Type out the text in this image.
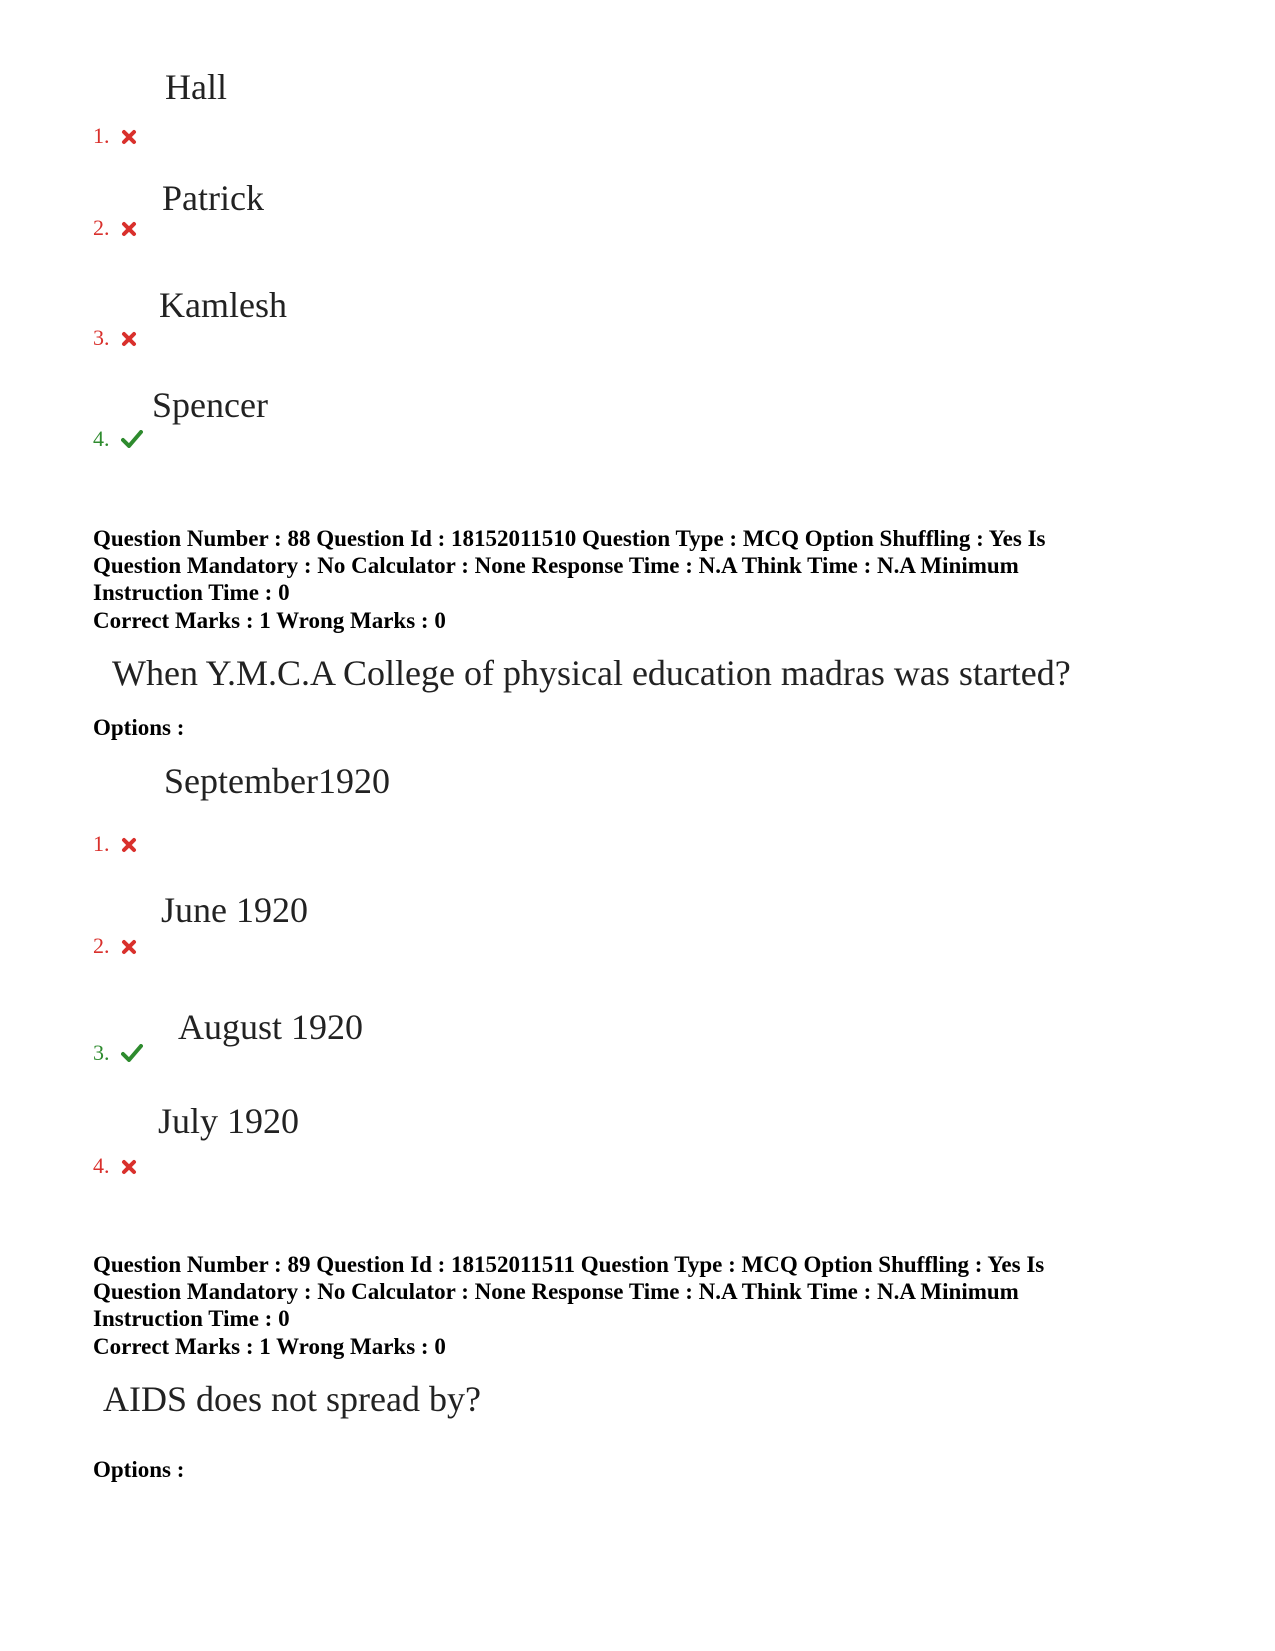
Hall
1.
Patrick
2.
Kamlesh
3.
Spencer
4.
Question Number : 88 Question Id : 18152011510 Question Type : MCQ Option Shuffling : Yes Is
Question Mandatory : No Calculator : None Response Time : N.A Think Time : N.A Minimum
Instruction Time : 0
Correct Marks : 1 Wrong Marks : 0
When Y.M.C.A College of physical education madras was started?
Options :
September1920
1.
June 1920
2.
August 1920
3.
July 1920
4.
Question Number : 89 Question Id : 18152011511 Question Type : MCQ Option Shuffling : Yes Is
Question Mandatory : No Calculator : None Response Time : N.A Think Time : N.A Minimum
Instruction Time : 0
Correct Marks : 1 Wrong Marks : 0
AIDS does not spread by?
Options :
